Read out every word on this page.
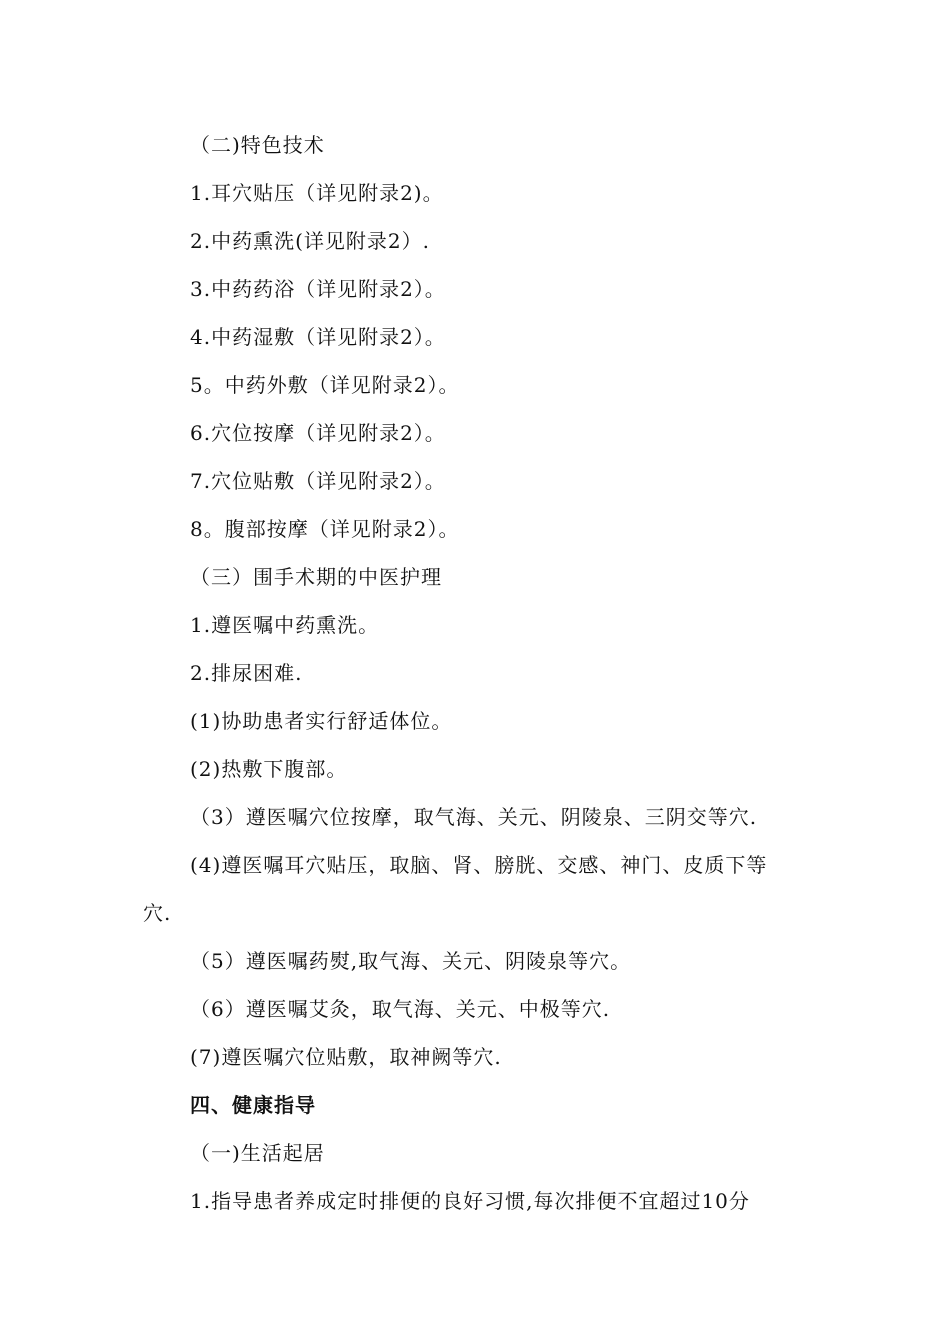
（二)特色技术
1.耳穴贴压（详见附录2)。
2.中药熏洗(详见附录2）.
3.中药药浴（详见附录2）。
4.中药湿敷（详见附录2）。
5。中药外敷（详见附录2）。
6.穴位按摩（详见附录2）。
7.穴位贴敷（详见附录2）。
8。腹部按摩（详见附录2）。
（三）围手术期的中医护理
1.遵医嘱中药熏洗。
2.排尿困难.
(1)协助患者实行舒适体位。
(2)热敷下腹部。
（3）遵医嘱穴位按摩，取气海、关元、阴陵泉、三阴交等穴.
(4)遵医嘱耳穴贴压，取脑、肾、膀胱、交感、神门、皮质下等
穴.
（5）遵医嘱药熨,取气海、关元、阴陵泉等穴。
（6）遵医嘱艾灸，取气海、关元、中极等穴.
(7)遵医嘱穴位贴敷，取神阙等穴.
四、健康指导
（一)生活起居
1.指导患者养成定时排便的良好习惯,每次排便不宜超过10分
